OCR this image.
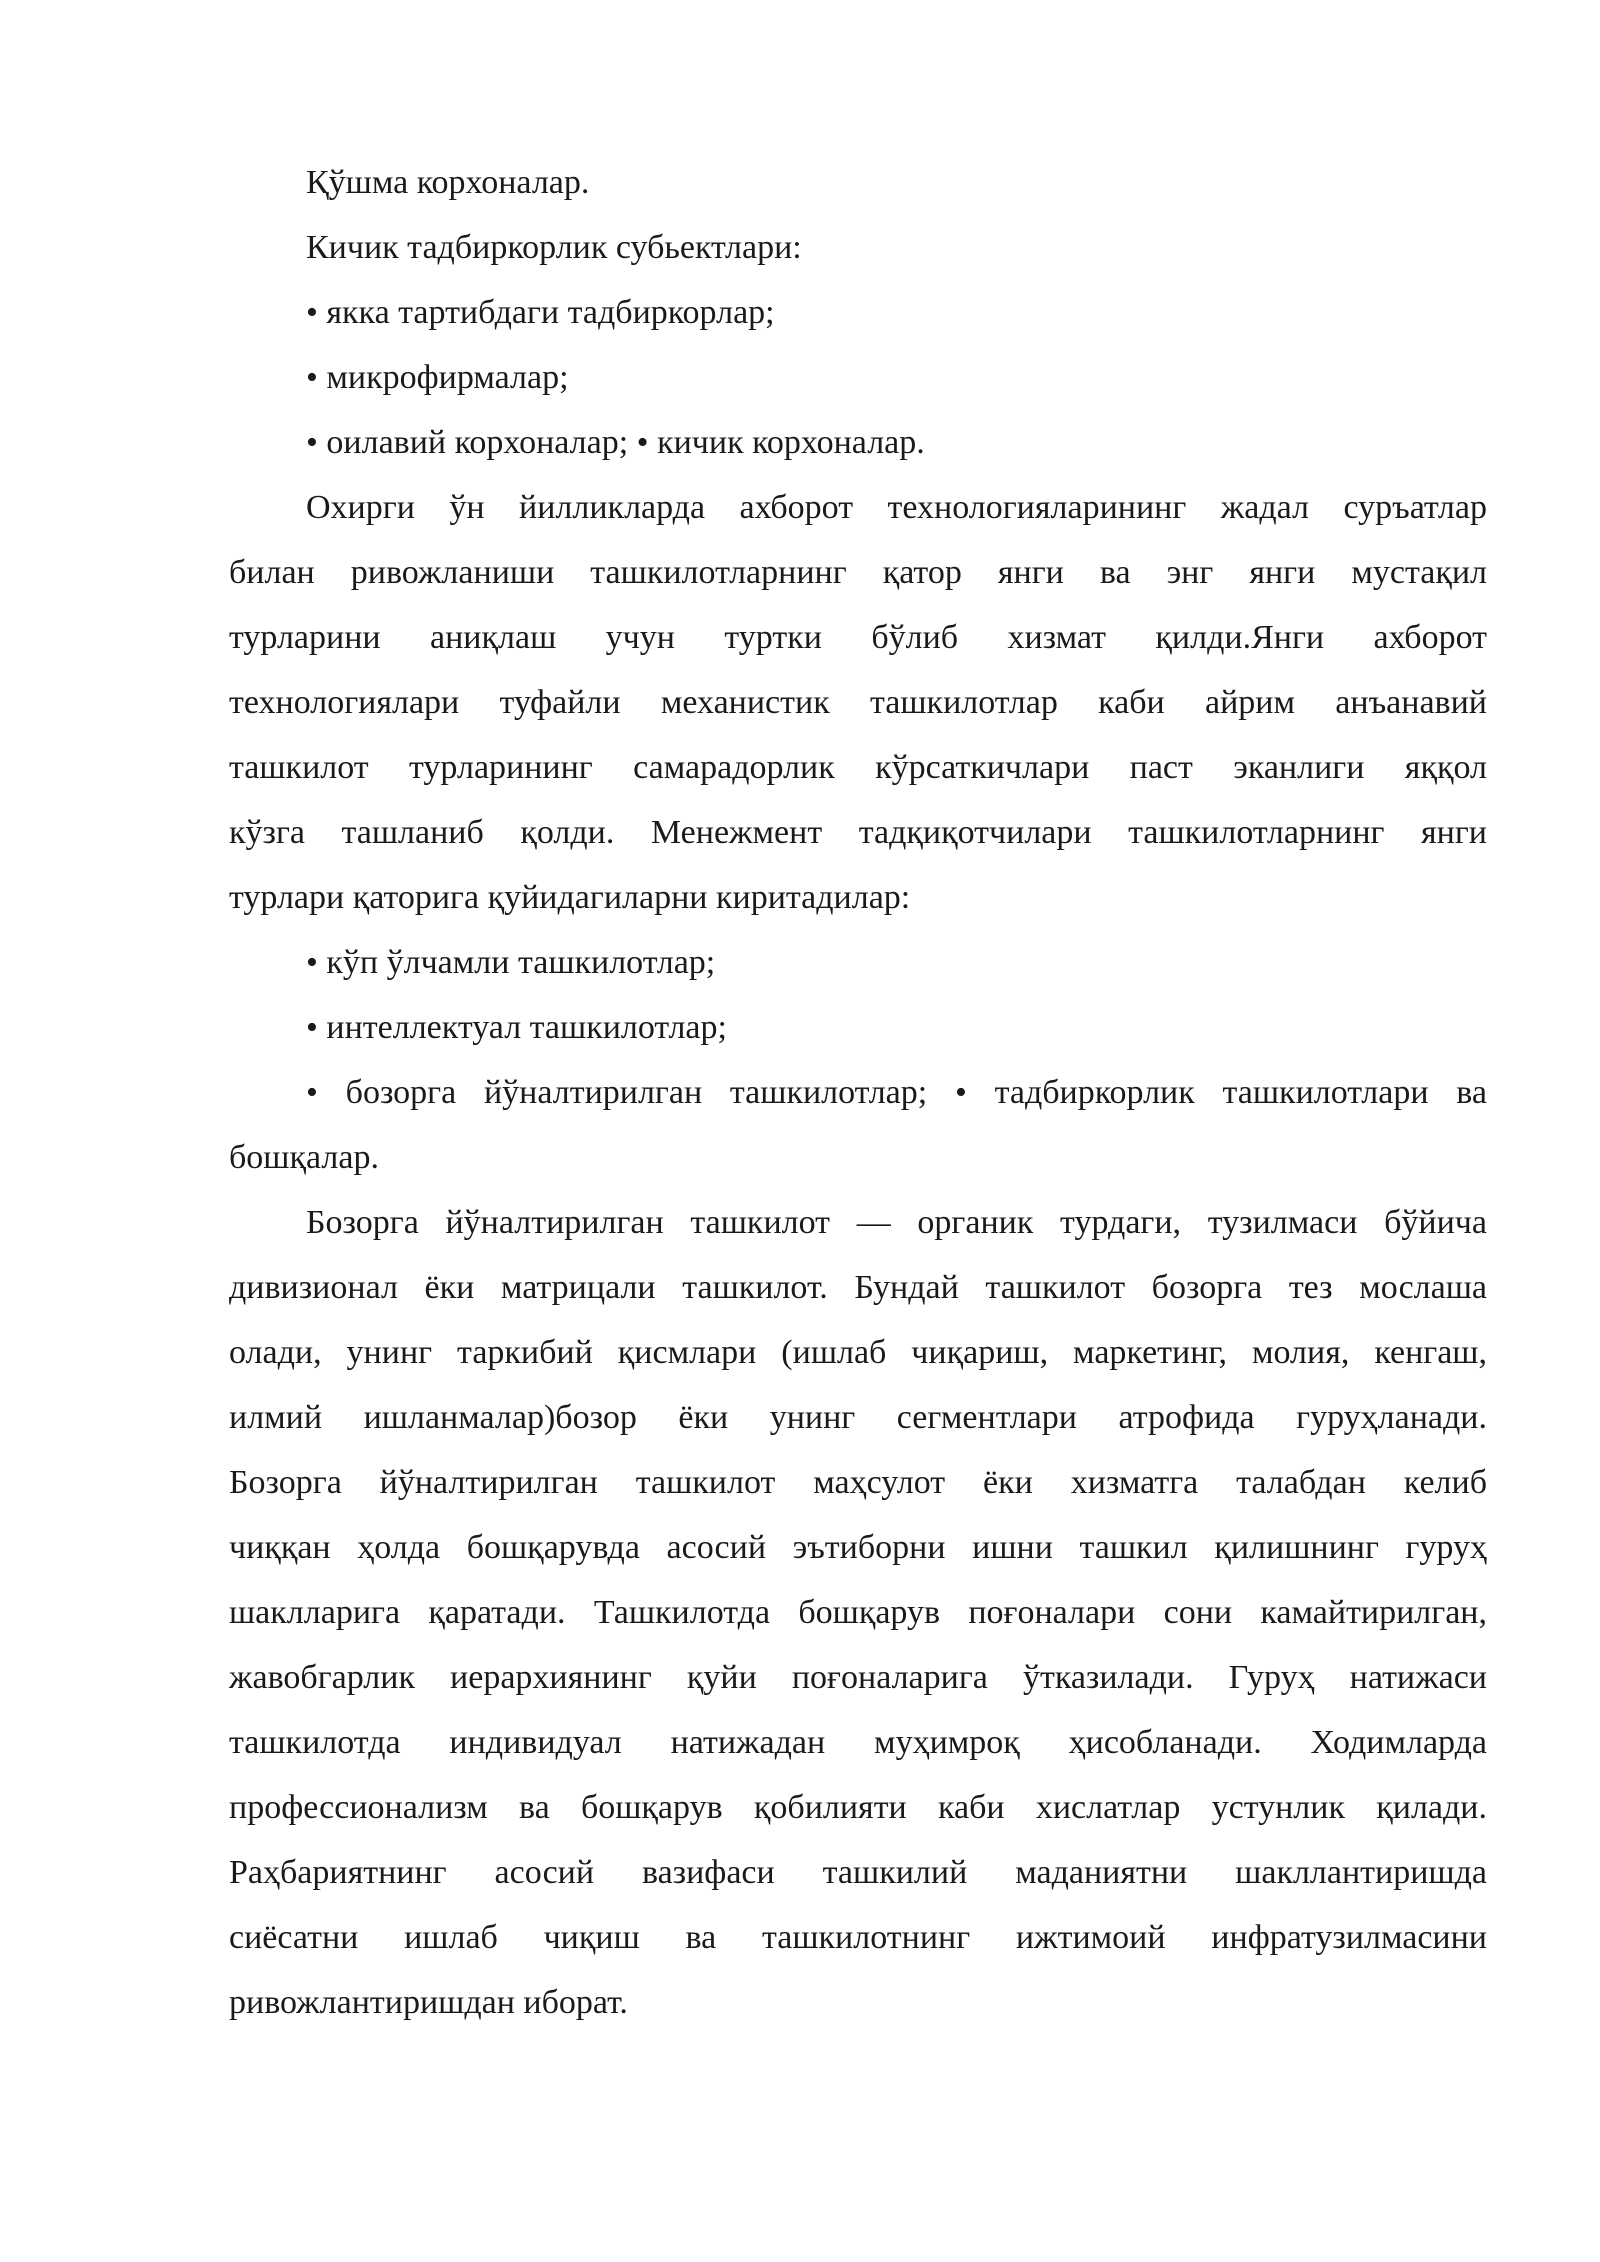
Қўшма корхоналар.
Кичик тадбиркорлик субьектлари:
• якка тартибдаги тадбиркорлар;
• микрофирмалар;
• оилавий корхоналар; • кичик корхоналар.
Охирги ўн йилликларда ахборот технологияларининг жадал суръатлар
билан ривожланиши ташкилотларнинг қатор янги ва энг янги мустақил
турларини аниқлаш учун туртки бўлиб хизмат қилди.Янги ахборот
технологиялари туфайли механистик ташкилотлар каби айрим анъанавий
ташкилот турларининг самарадорлик кўрсаткичлари паст эканлиги яққол
кўзга ташланиб қолди. Менежмент тадқиқотчилари ташкилотларнинг янги
турлари қаторига қуйидагиларни киритадилар:
• кўп ўлчамли ташкилотлар;
• интеллектуал ташкилотлар;
• бозорга йўналтирилган ташкилотлар; • тадбиркорлик ташкилотлари ва
бошқалар.
Бозорга йўналтирилган ташкилот — органик турдаги, тузилмаси бўйича
дивизионал ёки матрицали ташкилот. Бундай ташкилот бозорга тез мослаша
олади, унинг таркибий қисмлари (ишлаб чиқариш, маркетинг, молия, кенгаш,
илмий ишланмалар)бозор ёки унинг сегментлари атрофида гуруҳланади.
Бозорга йўналтирилган ташкилот маҳсулот ёки хизматга талабдан келиб
чиққан ҳолда бошқарувда асосий эътиборни ишни ташкил қилишнинг гуруҳ
шаклларига қаратади. Ташкилотда бошқарув поғоналари сони камайтирилган,
жавобгарлик иерархиянинг қуйи поғоналарига ўтказилади. Гуруҳ натижаси
ташкилотда индивидуал натижадан муҳимроқ ҳисобланади. Ходимларда
профессионализм ва бошқарув қобилияти каби хислатлар устунлик қилади.
Раҳбариятнинг асосий вазифаси ташкилий маданиятни шакллантиришда
сиёсатни ишлаб чиқиш ва ташкилотнинг ижтимоий инфратузилмасини
ривожлантиришдан иборат.
